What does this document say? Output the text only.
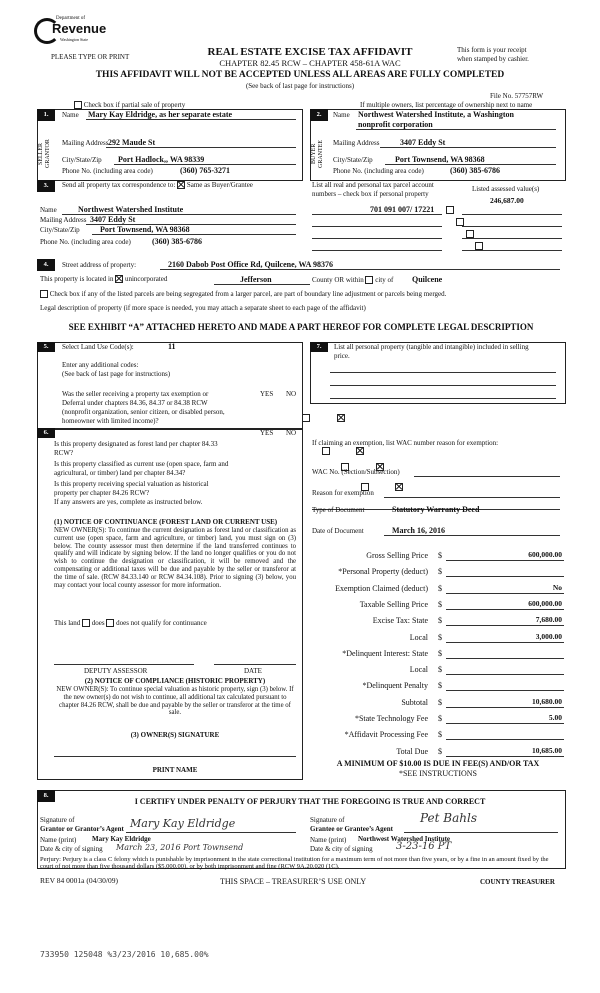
Department of
Revenue
Washington State
PLEASE TYPE OR PRINT	REAL ESTATE EXCISE TAX AFFIDAVIT
CHAPTER 82.45 RCW – CHAPTER 458-61A WAC
This form is your receipt
when stamped by cashier.
THIS AFFIDAVIT WILL NOT BE ACCEPTED UNLESS ALL AREAS ARE FULLY COMPLETED
(See back of last page for instructions)
File No. 57757RW
Check box if partial sale of property	If multiple owners, list percentage of ownership next to name
1.
SELLER GRANTOR
Name Mary Kay Eldridge, as her separate estate
Mailing Address 292 Maude St
City/State/Zip Port Hadlock,, WA 98339
Phone No. (including area code)	(360) 765-3271
2.
BUYER GRANTEE
Name Northwest Watershed Institute, a Washington
nonprofit corporation
Mailing Address	3407 Eddy St
City/State/Zip	Port Townsend, WA 98368
Phone No. (including area code)	(360) 385-6786
3.	Send all property tax correspondence to: Same as Buyer/Grantee
Name	Northwest Watershed Institute
Mailing Address 3407 Eddy St
City/State/Zip	Port Townsend, WA 98368
Phone No. (including area code)	(360) 385-6786
List all real and personal tax parcel account
numbers – check box if personal property
Listed assessed value(s)
701 091 007/ 17221
246,687.00

4.	Street address of property:	2160 Dabob Post Office Rd, Quilcene, WA 98376
This property is located in unincorporated	Jefferson	County OR within city of Quilcene
Check box if any of the listed parcels are being segregated from a larger parcel, are part of boundary line adjustment or parcels being merged.
Legal description of property (if more space is needed, you may attach a separate sheet to each page of the affidavit)
SEE EXHIBIT “A” ATTACHED HERETO AND MADE A PART HEREOF FOR COMPLETE LEGAL DESCRIPTION
5.	Select Land Use Code(s):	11
Enter any additional codes:
(See back of last page for instructions)
YES NO
Was the seller receiving a property tax exemption or
Deferral under chapters 84.36, 84.37 or 84.38 RCW
(nonprofit organization, senior citizen, or disabled person,
homeowner with limited income)?

6.	YES NO
Is this property designated as forest land per chapter 84.33
RCW?

Is this property classified as current use (open space, farm and
agricultural, or timber) land per chapter 84.34?

Is this property receiving special valuation as historical
property per chapter 84.26 RCW?

If any answers are yes, complete as instructed below.
(1) NOTICE OF CONTINUANCE (FOREST LAND OR CURRENT USE)
NEW OWNER(S): To continue the current designation as forest land or classification as current use (open space, farm and agriculture, or timber) land, you must sign on (3) below. The county assessor must then determine if the land transferred continues to qualify and will indicate by signing below. If the land no longer qualifies or you do not wish to continue the designation or classification, it will be removed and the compensating or additional taxes will be due and payable by the seller or transferor at the time of sale. (RCW 84.33.140 or RCW 84.34.108). Prior to signing (3) below, you may contact your local county assessor for more information.
This land does does not qualify for continuance
DEPUTY ASSESSOR	DATE
(2) NOTICE OF COMPLIANCE (HISTORIC PROPERTY)
NEW OWNER(S): To continue special valuation as historic property, sign (3) below. If the new owner(s) do not wish to continue, all additional tax calculated pursuant to chapter 84.26 RCW, shall be due and payable by the seller or transferor at the time of sale.
(3) OWNER(S) SIGNATURE
PRINT NAME
7.	List all personal property (tangible and intangible) included in selling
price.
If claiming an exemption, list WAC number reason for exemption:
WAC No. (Section/Subsection)
Reason for exemption
Type of Document	Statutory Warranty Deed
Date of Document	March 16, 2016
Gross Selling Price $	600,000.00
*Personal Property (deduct) $
Exemption Claimed (deduct) $	No
Taxable Selling Price $	600,000.00
Excise Tax: State $	7,680.00
Local $	3,000.00
*Delinquent Interest: State $
Local $
*Delinquent Penalty $
Subtotal $	10,680.00
*State Technology Fee $	5.00
*Affidavit Processing Fee $
Total Due $	10,685.00
A MINIMUM OF $10.00 IS DUE IN FEE(S) AND/OR TAX
*SEE INSTRUCTIONS
8.
I CERTIFY UNDER PENALTY OF PERJURY THAT THE FOREGOING IS TRUE AND CORRECT
Signature of
Grantor or Grantor’s Agent Mary Kay Eldridge	Signature of
Grantee or Grantee’s Agent
Pet Bahls
Name (print) Mary Kay Eldridge	Name (print) Northwest Watershed Institute
Date & city of signing March 23, 2016 Port Townsend	Date & city of signing 3-23-16 PT
Perjury: Perjury is a class C felony which is punishable by imprisonment in the state correctional institution for a maximum term of not more than five years, or by a fine in an amount fixed by the court of not more than five thousand dollars ($5,000.00), or by both imprisonment and fine (RCW 9A.20.020 (1C).
REV 84 0001a (04/30/09)	THIS SPACE – TREASURER’S USE ONLY	COUNTY TREASURER
733950 125048 %3/23/2016 10,685.00%
